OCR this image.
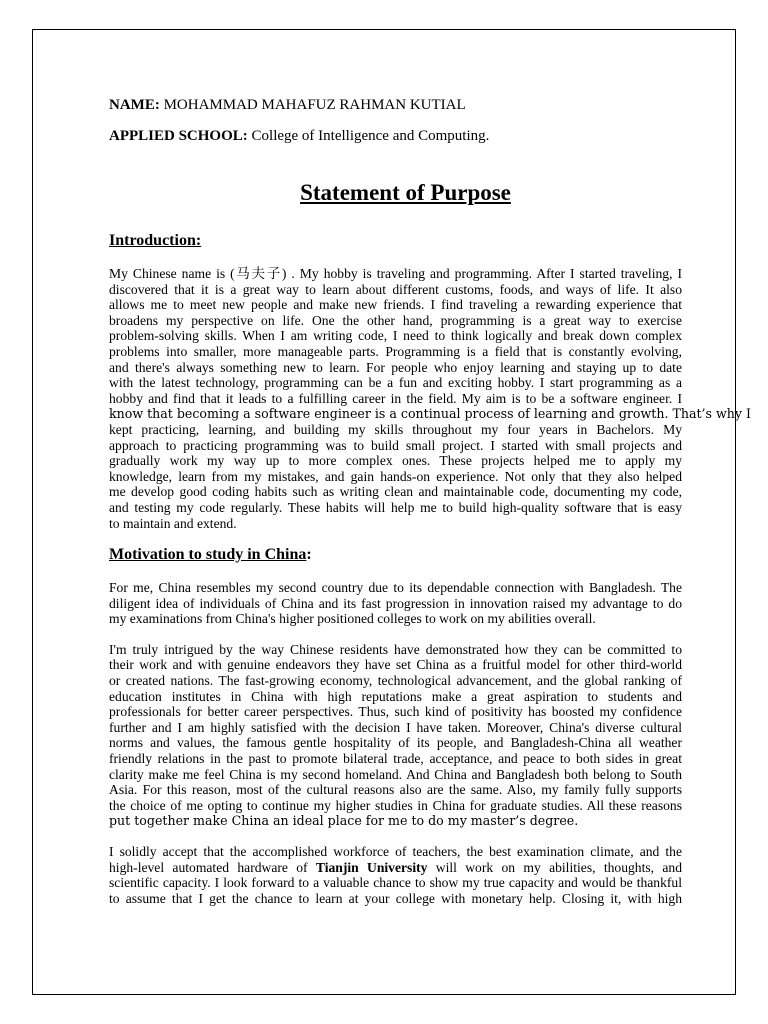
NAME: MOHAMMAD MAHAFUZ RAHMAN KUTIAL

APPLIED SCHOOL: College of Intelligence and Computing.

Statement of Purpose
Introduction:
My Chinese name is (马夫子) . My hobby is traveling and programming. After I started traveling, I
discovered that it is a great way to learn about different customs, foods, and ways of life. It also
allows me to meet new people and make new friends. I find traveling a rewarding experience that
broadens my perspective on life. One the other hand, programming is a great way to exercise
problem-solving skills. When I am writing code, I need to think logically and break down complex
problems into smaller, more manageable parts. Programming is a field that is constantly evolving,
and there's always something new to learn. For people who enjoy learning and staying up to date
with the latest technology, programming can be a fun and exciting hobby. I start programming as a
hobby and find that it leads to a fulfilling career in the field. My aim is to be a software engineer. I
know that becoming a software engineer is a continual process of learning and growth. That’s why I
kept practicing, learning, and building my skills throughout my four years in Bachelors. My
approach to practicing programming was to build small project. I started with small projects and
gradually work my way up to more complex ones. These projects helped me to apply my
knowledge, learn from my mistakes, and gain hands-on experience. Not only that they also helped
me develop good coding habits such as writing clean and maintainable code, documenting my code,
and testing my code regularly. These habits will help me to build high-quality software that is easy
to maintain and extend.
Motivation to study in China:
For me, China resembles my second country due to its dependable connection with Bangladesh. The
diligent idea of individuals of China and its fast progression in innovation raised my advantage to do
my examinations from China's higher positioned colleges to work on my abilities overall.
I'm truly intrigued by the way Chinese residents have demonstrated how they can be committed to
their work and with genuine endeavors they have set China as a fruitful model for other third-world
or created nations. The fast-growing economy, technological advancement, and the global ranking of
education institutes in China with high reputations make a great aspiration to students and
professionals for better career perspectives. Thus, such kind of positivity has boosted my confidence
further and I am highly satisfied with the decision I have taken. Moreover, China's diverse cultural
norms and values, the famous gentle hospitality of its people, and Bangladesh-China all weather
friendly relations in the past to promote bilateral trade, acceptance, and peace to both sides in great
clarity make me feel China is my second homeland. And China and Bangladesh both belong to South
Asia. For this reason, most of the cultural reasons also are the same. Also, my family fully supports
the choice of me opting to continue my higher studies in China for graduate studies. All these reasons
put together make China an ideal place for me to do my master’s degree.
I solidly accept that the accomplished workforce of teachers, the best examination climate, and the
high-level automated hardware of Tianjin University will work on my abilities, thoughts, and
scientific capacity. I look forward to a valuable chance to show my true capacity and would be thankful
to assume that I get the chance to learn at your college with monetary help. Closing it, with high
